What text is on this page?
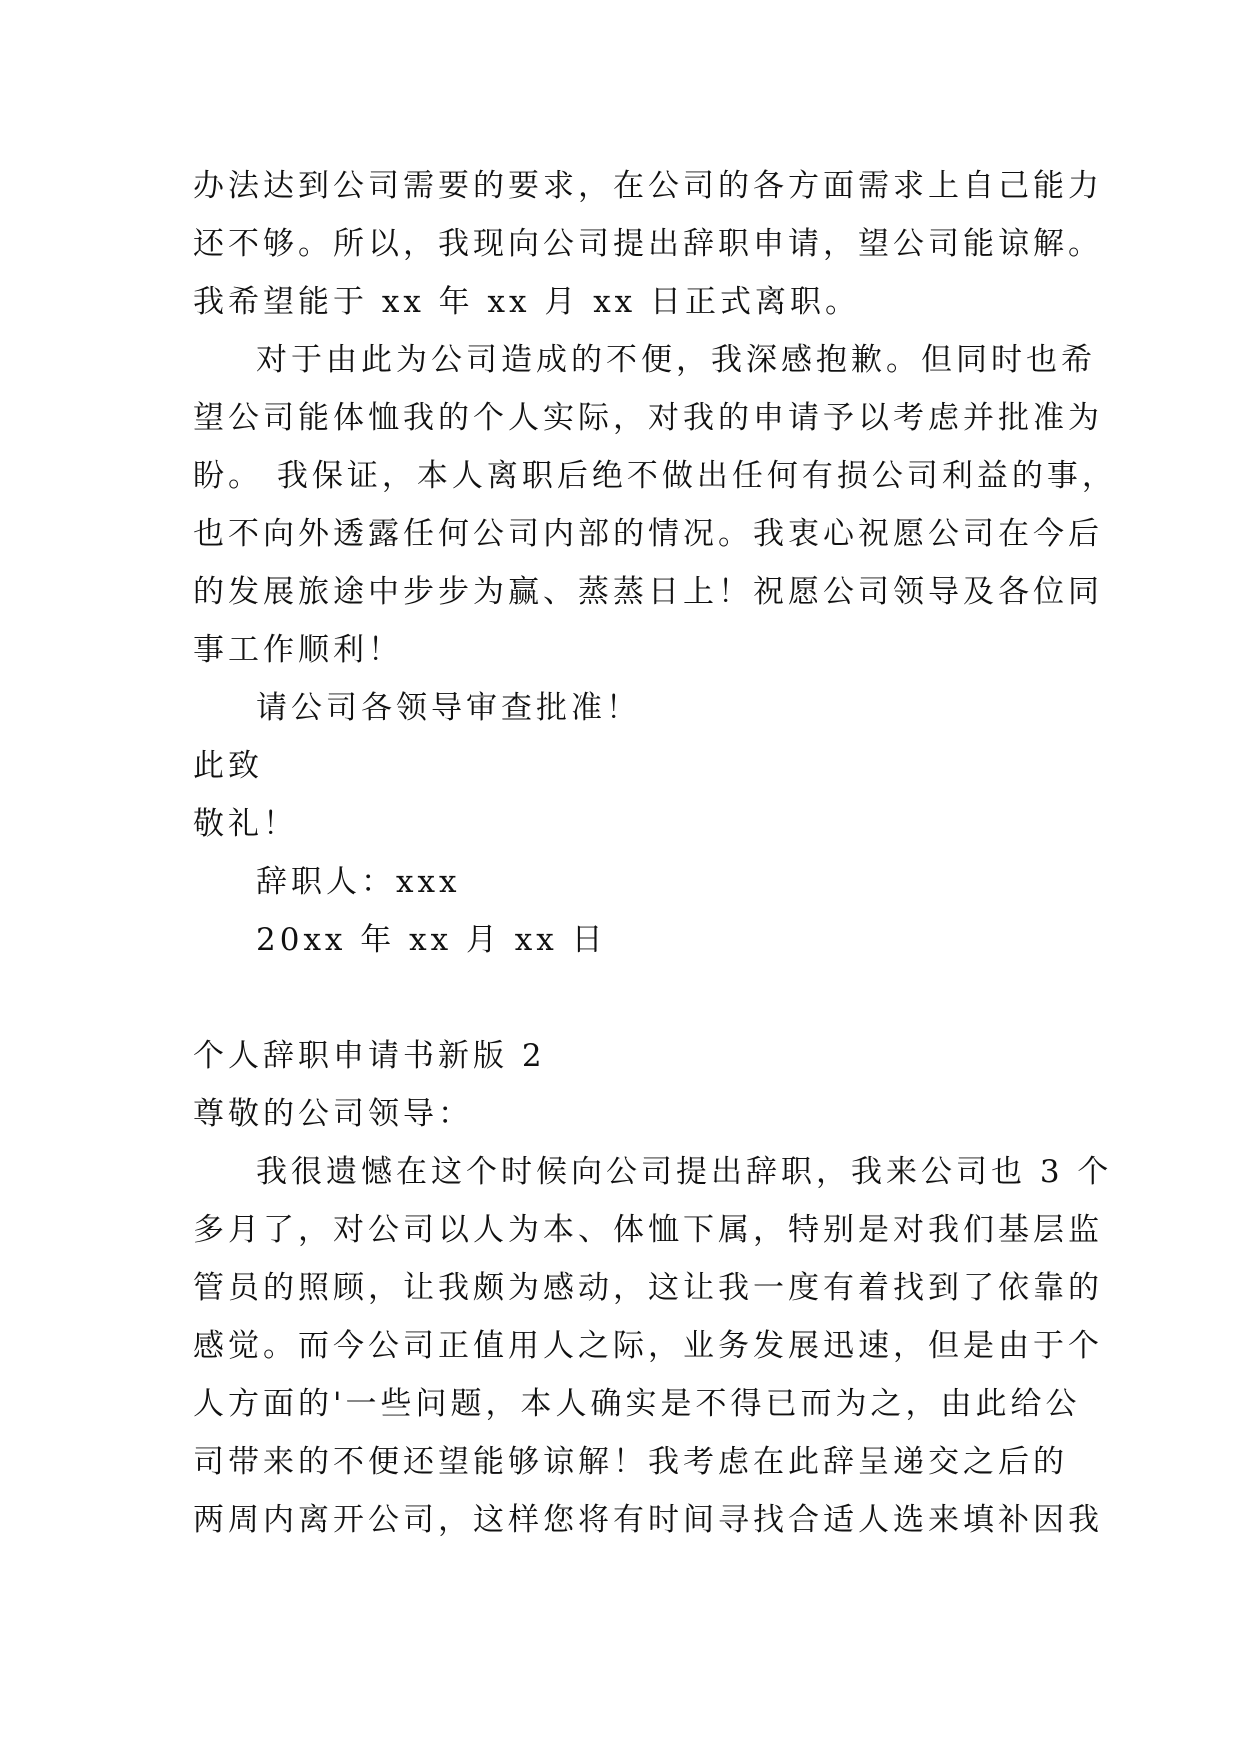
办法达到公司需要的要求，在公司的各方面需求上自己能力
还不够。所以，我现向公司提出辞职申请，望公司能谅解。
我希望能于 xx 年 xx 月 xx 日正式离职。
对于由此为公司造成的不便，我深感抱歉。但同时也希
望公司能体恤我的个人实际，对我的申请予以考虑并批准为
盼。 我保证，本人离职后绝不做出任何有损公司利益的事，
也不向外透露任何公司内部的情况。我衷心祝愿公司在今后
的发展旅途中步步为赢、蒸蒸日上！祝愿公司领导及各位同
事工作顺利！
请公司各领导审查批准！
此致
敬礼！
辞职人：xxx
20xx 年 xx 月 xx 日
个人辞职申请书新版 2
尊敬的公司领导：
我很遗憾在这个时候向公司提出辞职，我来公司也 3 个
多月了，对公司以人为本、体恤下属，特别是对我们基层监
管员的照顾，让我颇为感动，这让我一度有着找到了依靠的
感觉。而今公司正值用人之际，业务发展迅速，但是由于个
人方面的'一些问题，本人确实是不得已而为之，由此给公
司带来的不便还望能够谅解！我考虑在此辞呈递交之后的
两周内离开公司，这样您将有时间寻找合适人选来填补因我
